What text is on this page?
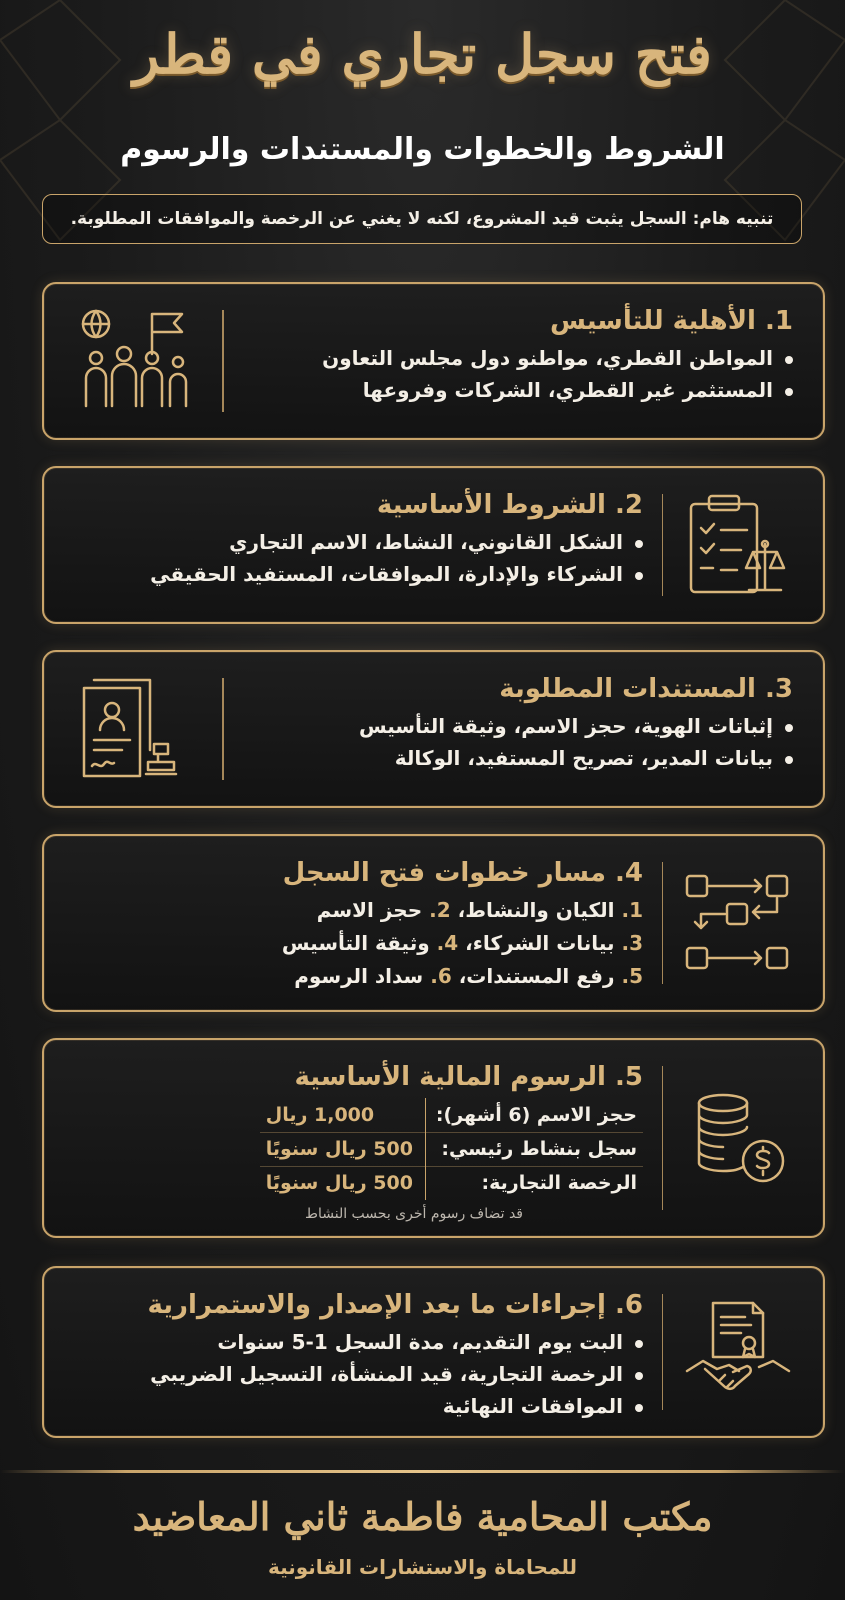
فتح سجل تجاري في قطر
الشروط والخطوات والمستندات والرسوم
تنبيه هام: السجل يثبت قيد المشروع، لكنه لا يغني عن الرخصة والموافقات المطلوبة.
1. الأهلية للتأسيس
المواطن القطري، مواطنو دول مجلس التعاون
المستثمر غير القطري، الشركات وفروعها
2. الشروط الأساسية
الشكل القانوني، النشاط، الاسم التجاري
الشركاء والإدارة، الموافقات، المستفيد الحقيقي
3. المستندات المطلوبة
إثباتات الهوية، حجز الاسم، وثيقة التأسيس
بيانات المدير، تصريح المستفيد، الوكالة
4. مسار خطوات فتح السجل
1. الكيان والنشاط، 2. حجز الاسم
3. بيانات الشركاء، 4. وثيقة التأسيس
5. رفع المستندات، 6. سداد الرسوم
5. الرسوم المالية الأساسية
حجز الاسم (6 أشهر):	1,000 ريال
سجل بنشاط رئيسي:	500 ريال سنويًا
الرخصة التجارية:	500 ريال سنويًا
قد تضاف رسوم أخرى بحسب النشاط
6. إجراءات ما بعد الإصدار والاستمرارية
البت يوم التقديم، مدة السجل 1-5 سنوات
الرخصة التجارية، قيد المنشأة، التسجيل الضريبي
الموافقات النهائية
مكتب المحامية فاطمة ثاني المعاضيد
للمحاماة والاستشارات القانونية
